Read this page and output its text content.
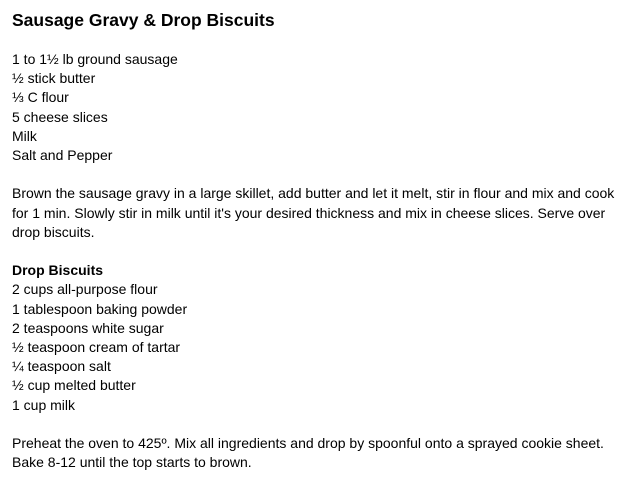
Sausage Gravy & Drop Biscuits
1 to 1½ lb ground sausage
½ stick butter
⅓ C flour
5 cheese slices
Milk
Salt and Pepper

Brown the sausage gravy in a large skillet, add butter and let it melt, stir in flour and mix and cook for 1 min. Slowly stir in milk until it's your desired thickness and mix in cheese slices. Serve over drop biscuits.

Drop Biscuits
2 cups all-purpose flour
1 tablespoon baking powder
2 teaspoons white sugar
½ teaspoon cream of tartar
¼ teaspoon salt
½ cup melted butter
1 cup milk
Preheat the oven to 425º. Mix all ingredients and drop by spoonful onto a sprayed cookie sheet.
Bake 8-12 until the top starts to brown.
